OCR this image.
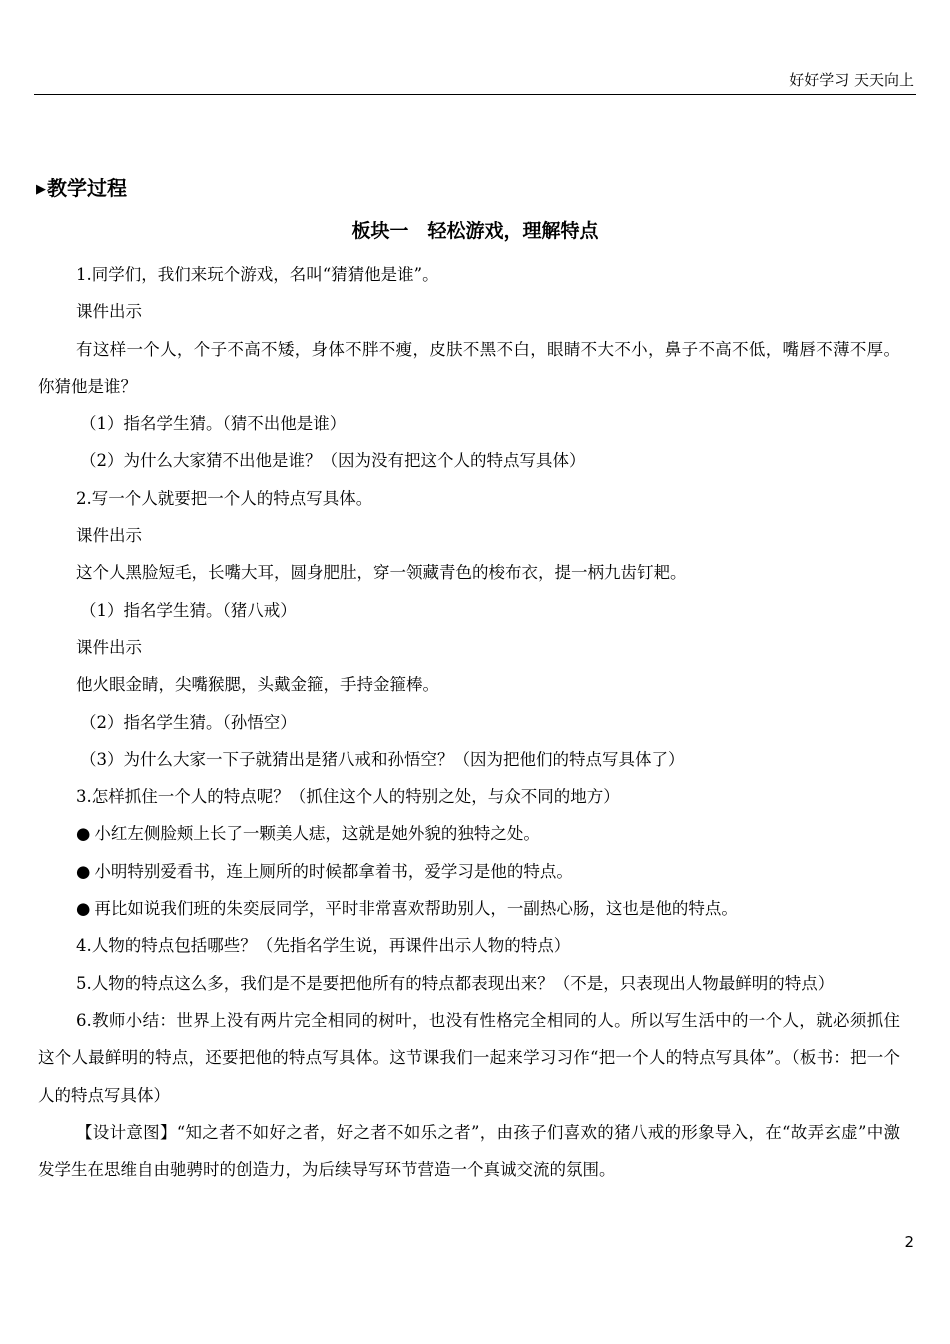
好好学习 天天向上
▶教学过程
板块一　轻松游戏，理解特点

1.同学们，我们来玩个游戏，名叫“猜猜他是谁”。

课件出示

有这样一个人，个子不高不矮，身体不胖不瘦，皮肤不黑不白，眼睛不大不小，鼻子不高不低，嘴唇不薄不厚。你猜他是谁？

（1）指名学生猜。（猜不出他是谁）

（2）为什么大家猜不出他是谁？（因为没有把这个人的特点写具体）

2.写一个人就要把一个人的特点写具体。

课件出示

这个人黑脸短毛，长嘴大耳，圆身肥肚，穿一领藏青色的梭布衣，提一柄九齿钉耙。

（1）指名学生猜。（猪八戒）

课件出示

他火眼金睛，尖嘴猴腮，头戴金箍，手持金箍棒。

（2）指名学生猜。（孙悟空）

（3）为什么大家一下子就猜出是猪八戒和孙悟空？（因为把他们的特点写具体了）

3.怎样抓住一个人的特点呢？（抓住这个人的特别之处，与众不同的地方）

● 小红左侧脸颊上长了一颗美人痣，这就是她外貌的独特之处。

● 小明特别爱看书，连上厕所的时候都拿着书，爱学习是他的特点。

● 再比如说我们班的朱奕辰同学，平时非常喜欢帮助别人，一副热心肠，这也是他的特点。

4.人物的特点包括哪些？（先指名学生说，再课件出示人物的特点）

5.人物的特点这么多，我们是不是要把他所有的特点都表现出来？（不是，只表现出人物最鲜明的特点）

6.教师小结：世界上没有两片完全相同的树叶，也没有性格完全相同的人。所以写生活中的一个人，就必须抓住这个人最鲜明的特点，还要把他的特点写具体。这节课我们一起来学习习作“把一个人的特点写具体”。（板书：把一个人的特点写具体）

【设计意图】“知之者不如好之者，好之者不如乐之者”，由孩子们喜欢的猪八戒的形象导入，在“故弄玄虚”中激发学生在思维自由驰骋时的创造力，为后续导写环节营造一个真诚交流的氛围。

2
